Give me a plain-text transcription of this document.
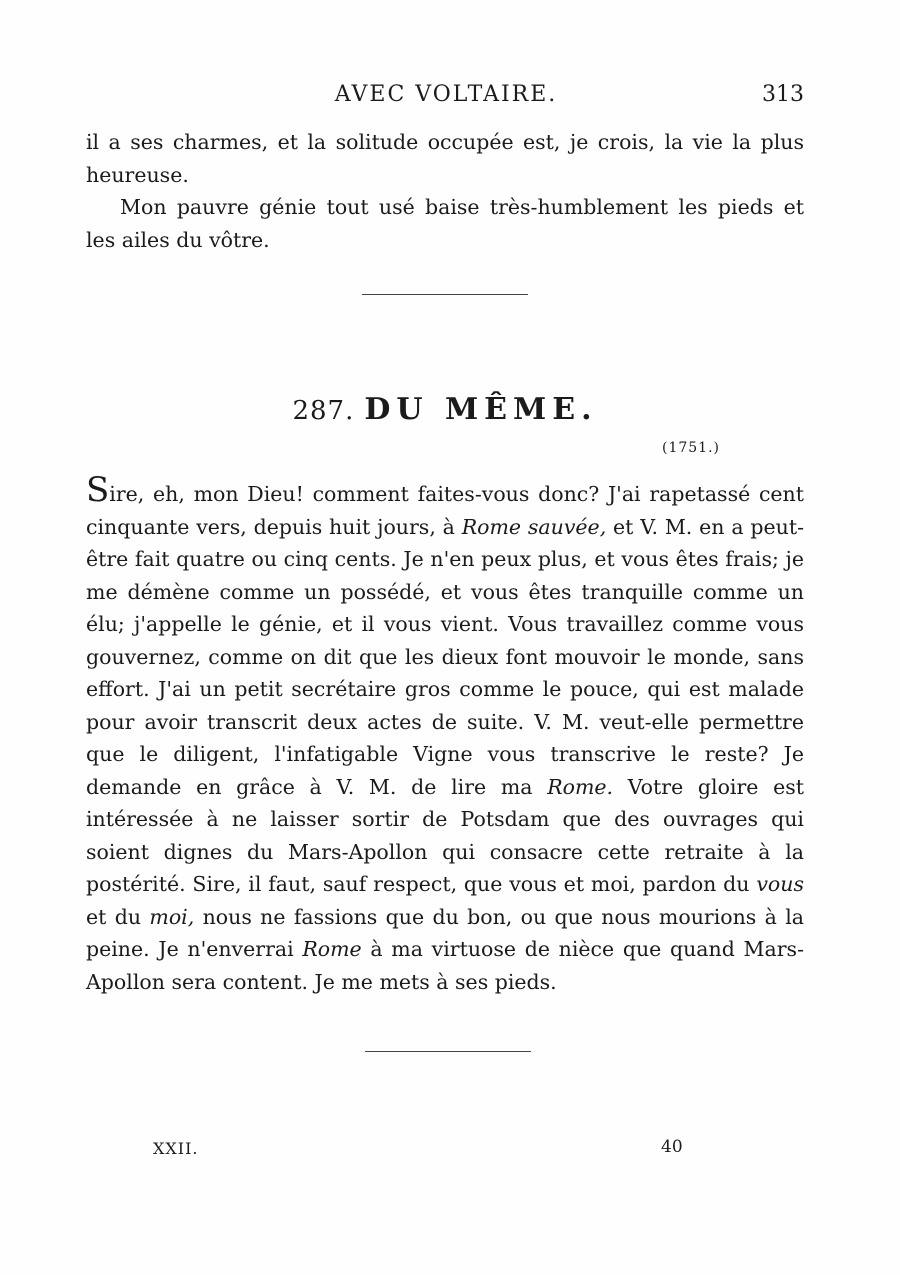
AVEC VOLTAIRE.	313

il a ses charmes, et la solitude occupée est, je crois, la vie la plus heureuse.

Mon pauvre génie tout usé baise très-humblement les pieds et les ailes du vôtre.

287. DU MÊME.
(1751.)

Sire, eh, mon Dieu! comment faites-vous donc? J'ai rapetassé cent cinquante vers, depuis huit jours, à Rome sauvée, et V. M. en a peut-être fait quatre ou cinq cents. Je n'en peux plus, et vous êtes frais; je me démène comme un possédé, et vous êtes tranquille comme un élu; j'appelle le génie, et il vous vient. Vous travaillez comme vous gouvernez, comme on dit que les dieux font mouvoir le monde, sans effort. J'ai un petit secrétaire gros comme le pouce, qui est malade pour avoir transcrit deux actes de suite. V. M. veut-elle permettre que le diligent, l'infatigable Vigne vous transcrive le reste? Je demande en grâce à V. M. de lire ma Rome. Votre gloire est intéressée à ne laisser sortir de Potsdam que des ouvrages qui soient dignes du Mars-Apollon qui consacre cette retraite à la postérité. Sire, il faut, sauf respect, que vous et moi, pardon du vous et du moi, nous ne fassions que du bon, ou que nous mourions à la peine. Je n'enverrai Rome à ma virtuose de nièce que quand Mars-Apollon sera content. Je me mets à ses pieds.

XXII.	40
